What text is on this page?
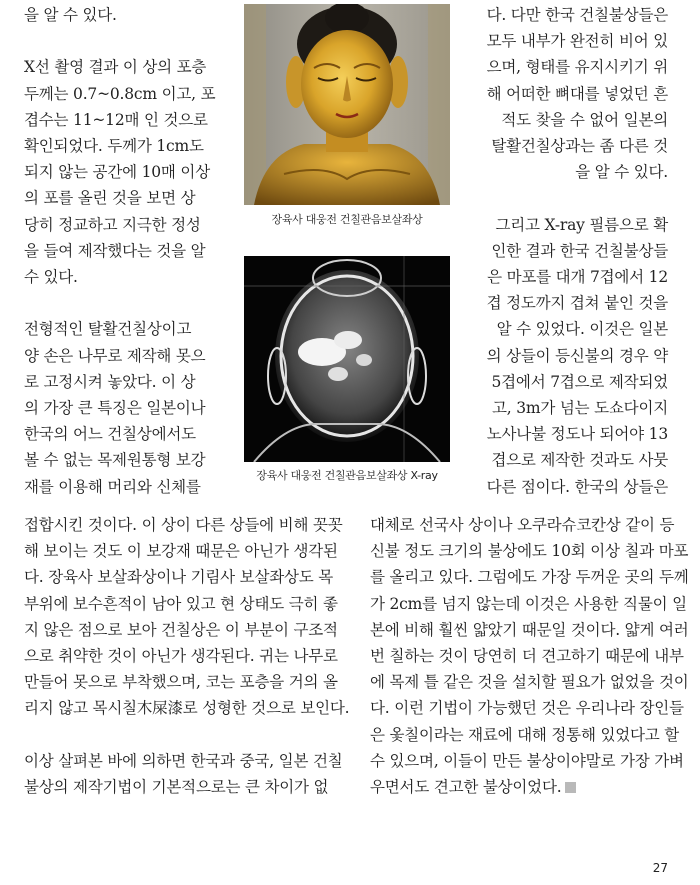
을 알 수 있다.

X선 촬영 결과 이 상의 포층

두께는 0.7~0.8cm 이고, 포

겹수는 11~12매 인 것으로

확인되었다. 두께가 1cm도

되지 않는 공간에 10매 이상

의 포를 올린 것을 보면 상

당히 정교하고 지극한 정성

을 들여 제작했다는 것을 알

수 있다.

전형적인 탈활건칠상이고

양 손은 나무로 제작해 못으

로 고정시켜 놓았다. 이 상

의 가장 큰 특징은 일본이나

한국의 어느 건칠상에서도

볼 수 없는 목제원통형 보강

재를 이용해 머리와 신체를

다. 다만 한국 건칠불상들은

모두 내부가 완전히 비어 있

으며, 형태를 유지시키기 위

해 어떠한 뼈대를 넣었던 흔

적도 찾을 수 없어 일본의

탈활건칠상과는 좀 다른 것

을 알 수 있다.

그리고 X-ray 필름으로 확

인한 결과 한국 건칠불상들

은 마포를 대개 7겹에서 12

겹 정도까지 겹쳐 붙인 것을

알 수 있었다. 이것은 일본

의 상들이 등신불의 경우 약

5겹에서 7겹으로 제작되었

고, 3m가 넘는 도쇼다이지

노사나불 정도나 되어야 13

겹으로 제작한 것과도 사뭇

다른 점이다. 한국의 상들은

접합시킨 것이다. 이 상이 다른 상들에 비해 꼿꼿

해 보이는 것도 이 보강재 때문은 아닌가 생각된

다. 장육사 보살좌상이나 기림사 보살좌상도 목

부위에 보수흔적이 남아 있고 현 상태도 극히 좋

지 않은 점으로 보아 건칠상은 이 부분이 구조적

으로 취약한 것이 아닌가 생각된다. 귀는 나무로

만들어 못으로 부착했으며, 코는 포층을 거의 올

리지 않고 목시칠木屎漆로 성형한 것으로 보인다.

이상 살펴본 바에 의하면 한국과 중국, 일본 건칠

불상의 제작기법이 기본적으로는 큰 차이가 없

대체로 선국사 상이나 오쿠라슈코칸상 같이 등

신불 정도 크기의 불상에도 10회 이상 칠과 마포

를 올리고 있다. 그럼에도 가장 두꺼운 곳의 두께

가 2cm를 넘지 않는데 이것은 사용한 직물이 일

본에 비해 훨씬 얇았기 때문일 것이다. 얇게 여러

번 칠하는 것이 당연히 더 견고하기 때문에 내부

에 목제 틀 같은 것을 설치할 필요가 없었을 것이

다. 이런 기법이 가능했던 것은 우리나라 장인들

은 옻칠이라는 재료에 대해 정통해 있었다고 할

수 있으며, 이들이 만든 불상이야말로 가장 가벼

우면서도 견고한 불상이었다.

장육사 대웅전 건칠관음보살좌상
장육사 대웅전 건칠관음보살좌상 X-ray
27
